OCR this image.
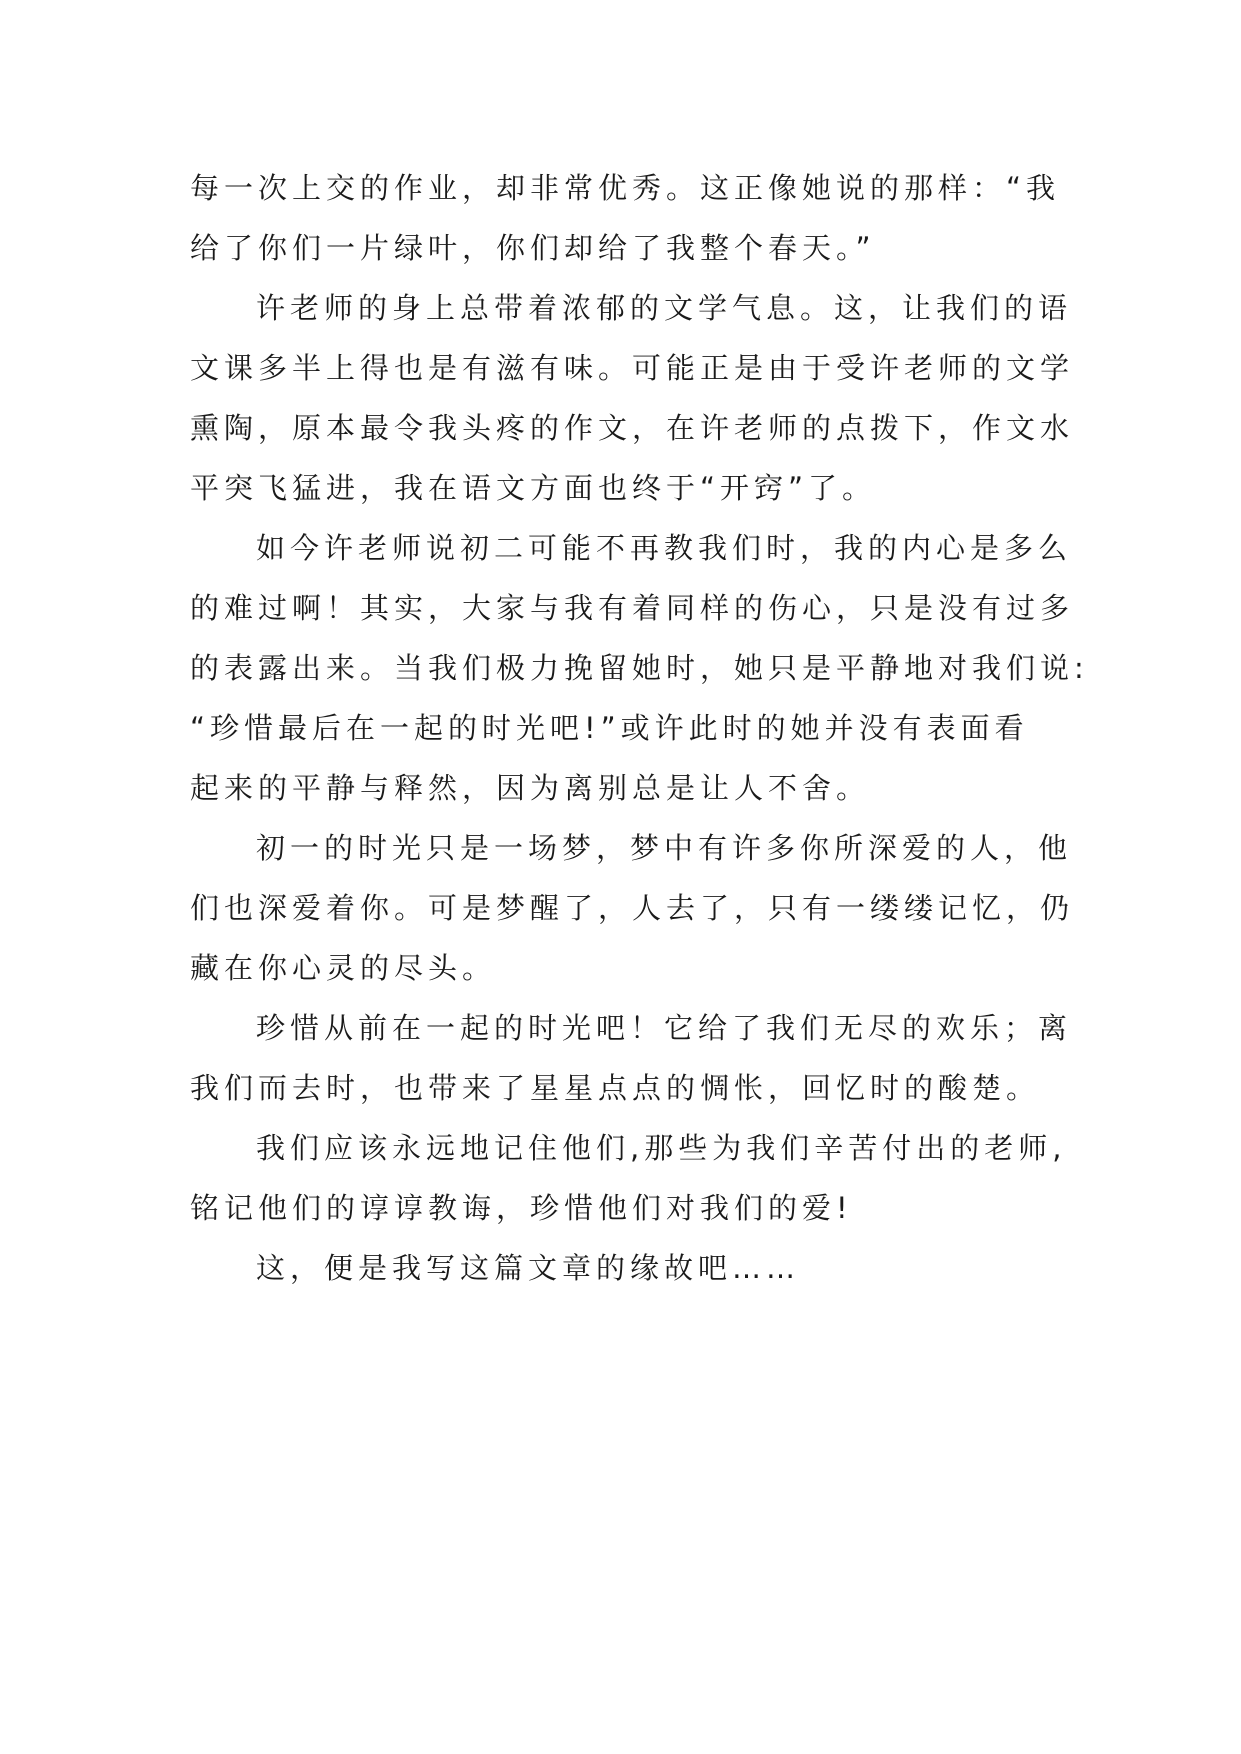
每一次上交的作业，却非常优秀。这正像她说的那样：“我
给了你们一片绿叶，你们却给了我整个春天。”
许老师的身上总带着浓郁的文学气息。这，让我们的语
文课多半上得也是有滋有味。可能正是由于受许老师的文学
熏陶，原本最令我头疼的作文，在许老师的点拨下，作文水
平突飞猛进，我在语文方面也终于“开窍”了。
如今许老师说初二可能不再教我们时，我的内心是多么
的难过啊！其实，大家与我有着同样的伤心，只是没有过多
的表露出来。当我们极力挽留她时，她只是平静地对我们说:
“珍惜最后在一起的时光吧!”或许此时的她并没有表面看
起来的平静与释然，因为离别总是让人不舍。
初一的时光只是一场梦，梦中有许多你所深爱的人，他
们也深爱着你。可是梦醒了，人去了，只有一缕缕记忆，仍
藏在你心灵的尽头。
珍惜从前在一起的时光吧！它给了我们无尽的欢乐；离
我们而去时，也带来了星星点点的惆怅，回忆时的酸楚。
我们应该永远地记住他们,那些为我们辛苦付出的老师,
铭记他们的谆谆教诲，珍惜他们对我们的爱!
这，便是我写这篇文章的缘故吧……
